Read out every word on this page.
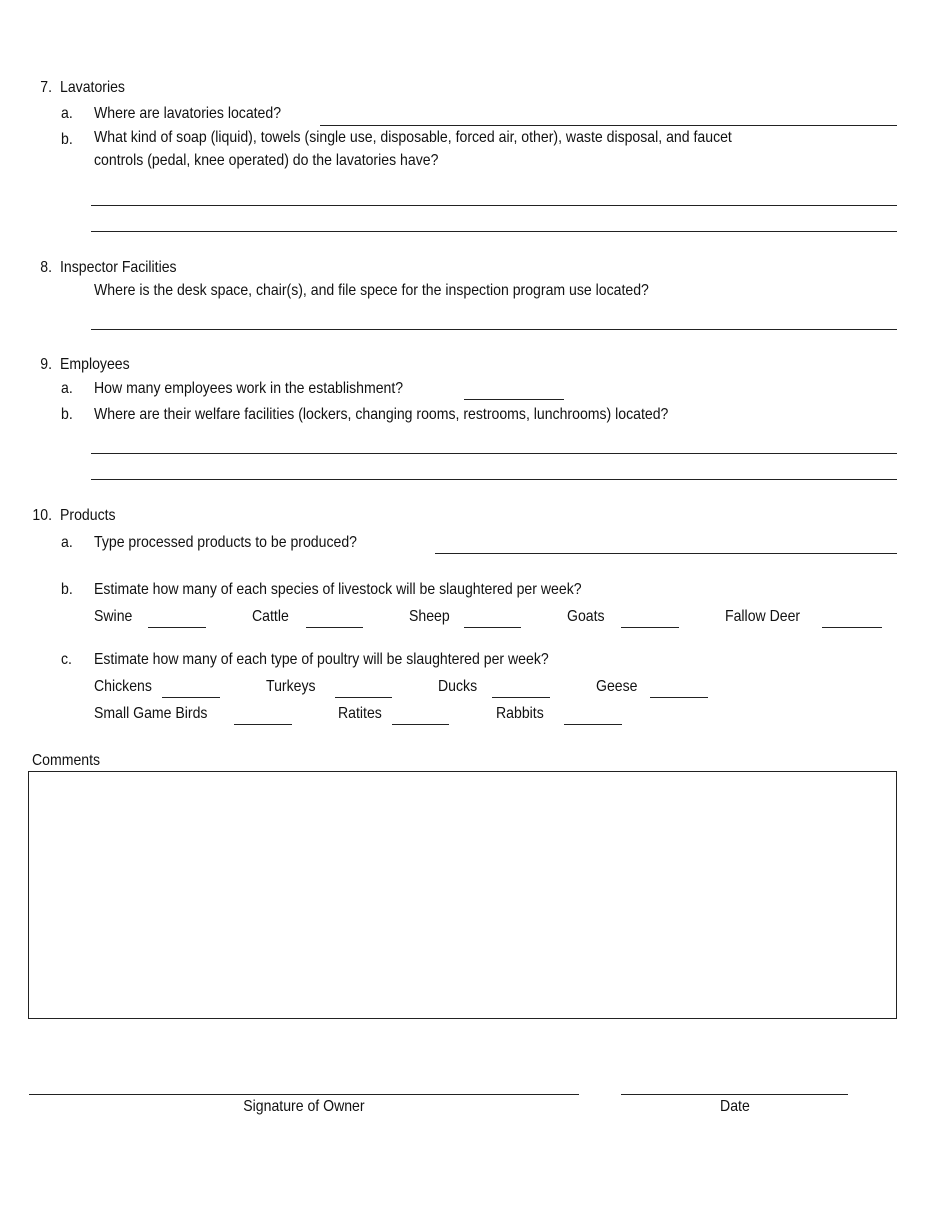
7. Lavatories
a. Where are lavatories located?
b. What kind of soap (liquid), towels (single use, disposable, forced air, other), waste disposal, and faucet
controls (pedal, knee operated) do the lavatories have?
8. Inspector Facilities
Where is the desk space, chair(s), and file spece for the inspection program use located?
9. Employees
a. How many employees work in the establishment?
b. Where are their welfare facilities (lockers, changing rooms, restrooms, lunchrooms) located?
10. Products
a. Type processed products to be produced?
b. Estimate how many of each species of livestock will be slaughtered per week?
Swine	Cattle	Sheep	Goats	Fallow Deer
c. Estimate how many of each type of poultry will be slaughtered per week?
Chickens	Turkeys	Ducks	Geese
Small Game Birds	Ratites	Rabbits
Comments
Signature of Owner	Date
